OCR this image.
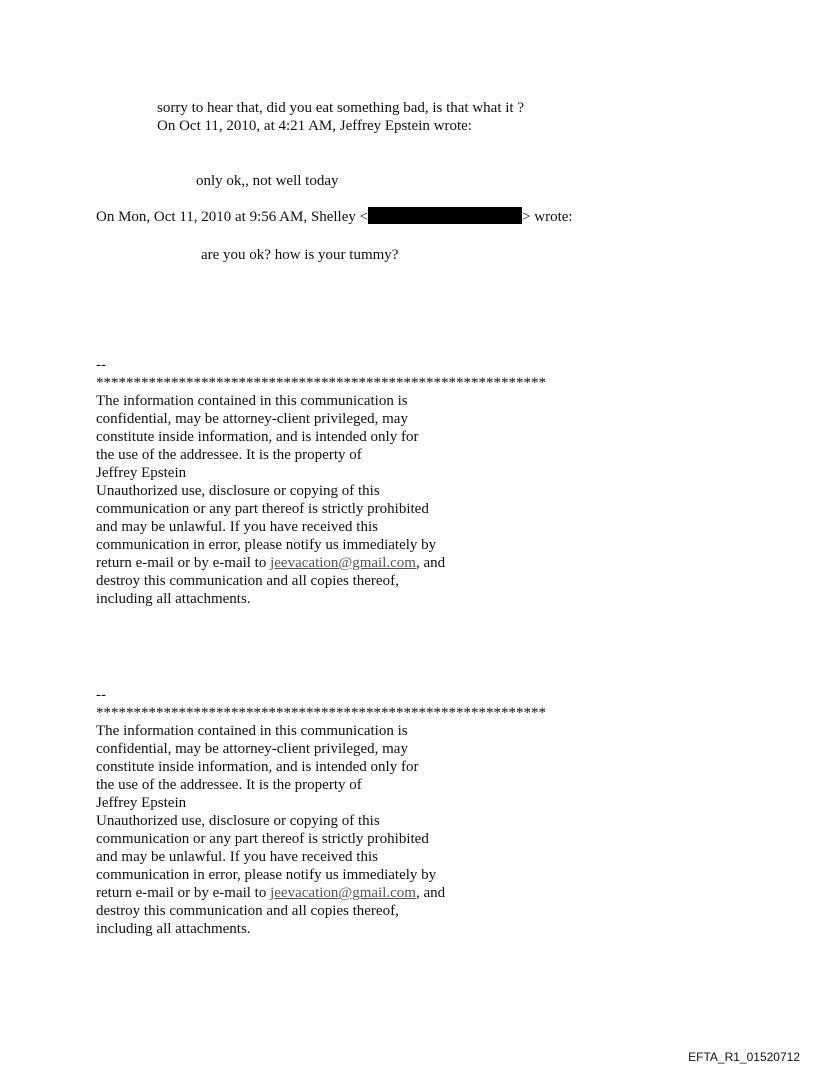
sorry to hear that, did you eat something bad, is that what it ?
On Oct 11, 2010, at 4:21 AM, Jeffrey Epstein wrote:
only ok,, not well today
On Mon, Oct 11, 2010 at 9:56 AM, Shelley <	> wrote:
are you ok? how is your tummy?
--
************************************************************
The information contained in this communication is
confidential, may be attorney-client privileged, may
constitute inside information, and is intended only for
the use of the addressee. It is the property of
Jeffrey Epstein
Unauthorized use, disclosure or copying of this
communication or any part thereof is strictly prohibited
and may be unlawful. If you have received this
communication in error, please notify us immediately by
return e-mail or by e-mail to jeevacation@gmail.com, and
destroy this communication and all copies thereof,
including all attachments.
--
************************************************************
The information contained in this communication is
confidential, may be attorney-client privileged, may
constitute inside information, and is intended only for
the use of the addressee. It is the property of
Jeffrey Epstein
Unauthorized use, disclosure or copying of this
communication or any part thereof is strictly prohibited
and may be unlawful. If you have received this
communication in error, please notify us immediately by
return e-mail or by e-mail to jeevacation@gmail.com, and
destroy this communication and all copies thereof,
including all attachments.
EFTA_R1_01520712
